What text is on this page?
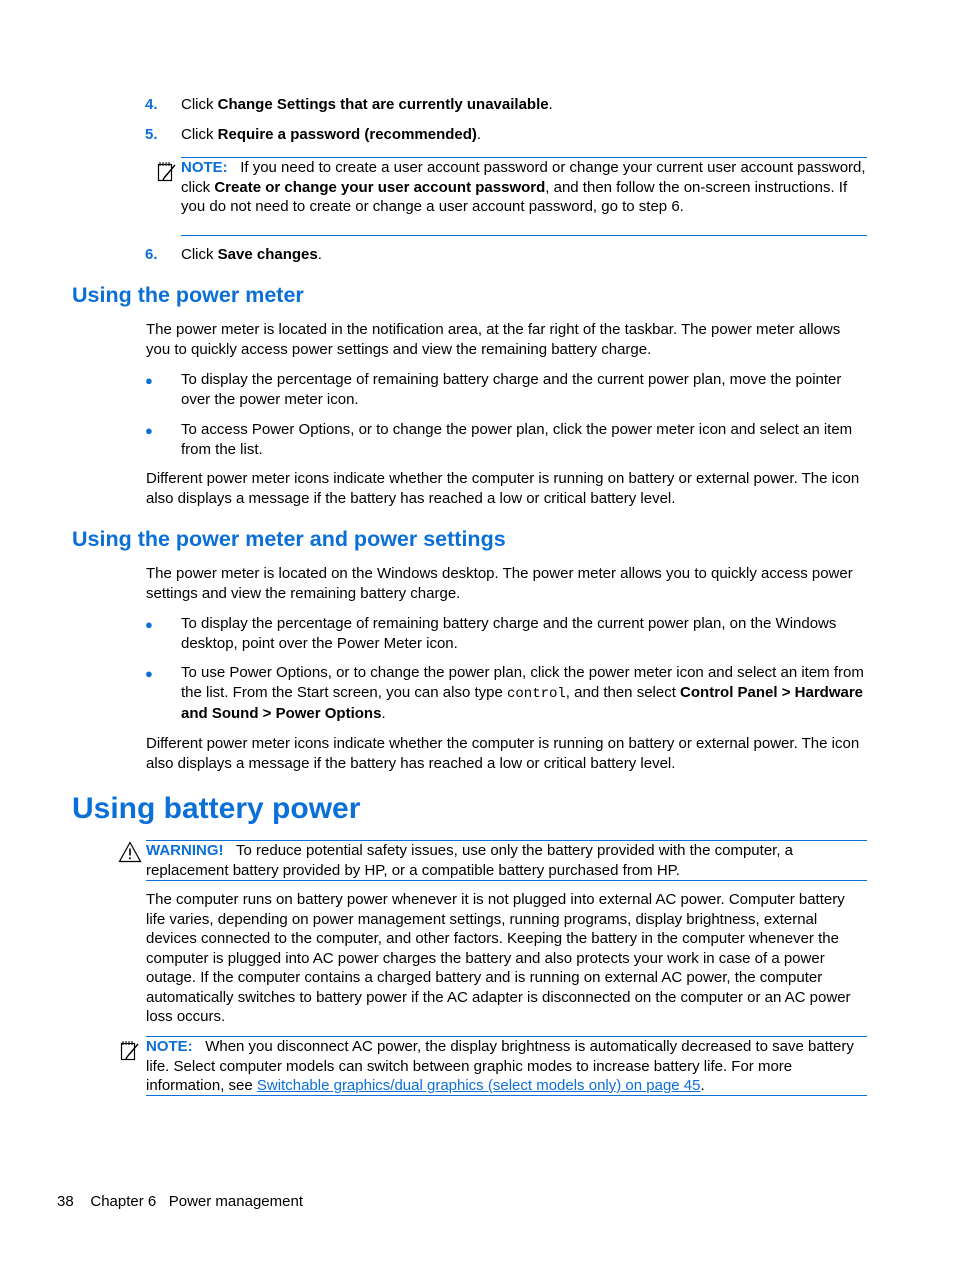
4. Click Change Settings that are currently unavailable.
5. Click Require a password (recommended).
NOTE: If you need to create a user account password or change your current user account password, click Create or change your user account password, and then follow the on-screen instructions. If you do not need to create or change a user account password, go to step 6.
6. Click Save changes.
Using the power meter
The power meter is located in the notification area, at the far right of the taskbar. The power meter allows you to quickly access power settings and view the remaining battery charge.
● To display the percentage of remaining battery charge and the current power plan, move the pointer over the power meter icon.
● To access Power Options, or to change the power plan, click the power meter icon and select an item from the list.
Different power meter icons indicate whether the computer is running on battery or external power. The icon also displays a message if the battery has reached a low or critical battery level.
Using the power meter and power settings
The power meter is located on the Windows desktop. The power meter allows you to quickly access power settings and view the remaining battery charge.
● To display the percentage of remaining battery charge and the current power plan, on the Windows desktop, point over the Power Meter icon.
● To use Power Options, or to change the power plan, click the power meter icon and select an item from the list. From the Start screen, you can also type control, and then select Control Panel > Hardware and Sound > Power Options.
Different power meter icons indicate whether the computer is running on battery or external power. The icon also displays a message if the battery has reached a low or critical battery level.
Using battery power
WARNING! To reduce potential safety issues, use only the battery provided with the computer, a replacement battery provided by HP, or a compatible battery purchased from HP.
The computer runs on battery power whenever it is not plugged into external AC power. Computer battery life varies, depending on power management settings, running programs, display brightness, external devices connected to the computer, and other factors. Keeping the battery in the computer whenever the computer is plugged into AC power charges the battery and also protects your work in case of a power outage. If the computer contains a charged battery and is running on external AC power, the computer automatically switches to battery power if the AC adapter is disconnected on the computer or an AC power loss occurs.
NOTE: When you disconnect AC power, the display brightness is automatically decreased to save battery life. Select computer models can switch between graphic modes to increase battery life. For more information, see Switchable graphics/dual graphics (select models only) on page 45.
38 Chapter 6 Power management
